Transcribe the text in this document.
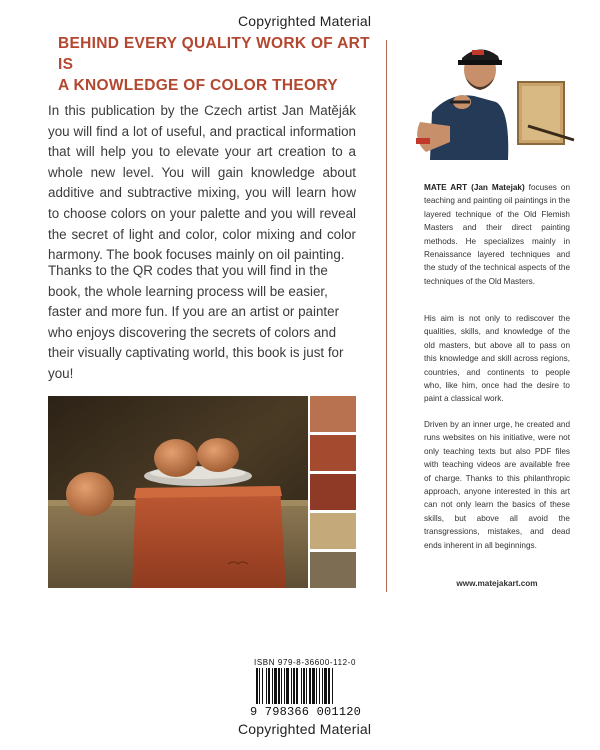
Copyrighted Material
BEHIND EVERY QUALITY WORK OF ART IS
A KNOWLEDGE OF COLOR THEORY
In this publication by the Czech artist Jan Matěják you will find a lot of useful, and practical information that will help you to elevate your art creation to a whole new level. You will gain knowledge about additive and subtractive mixing, you will learn how to choose colors on your palette and you will reveal the secret of light and color, color mixing and color harmony. The book focuses mainly on oil painting.
Thanks to the QR codes that you will find in the book, the whole learning process will be easier, faster and more fun. If you are an artist or painter who enjoys discovering the secrets of colors and their visually captivating world, this book is just for you!
MATE ART (Jan Matejak) focuses on teaching and painting oil paintings in the layered technique of the Old Flemish Masters and their direct painting methods. He specializes mainly in Renaissance layered techniques and the study of the technical aspects of the techniques of the Old Masters.
His aim is not only to rediscover the qualities, skills, and knowledge of the old masters, but above all to pass on this knowledge and skill across regions, countries, and continents to people who, like him, once had the desire to paint a classical work.
Driven by an inner urge, he created and runs websites on his initiative, were not only teaching texts but also PDF files with teaching videos are available free of charge. Thanks to this philanthropic approach, anyone interested in this art can not only learn the basics of these skills, but above all avoid the transgressions, mistakes, and dead ends inherent in all beginnings.
www.matejakart.com
ISBN 979-8-36600-112-0
9 798366 001120
Copyrighted Material
